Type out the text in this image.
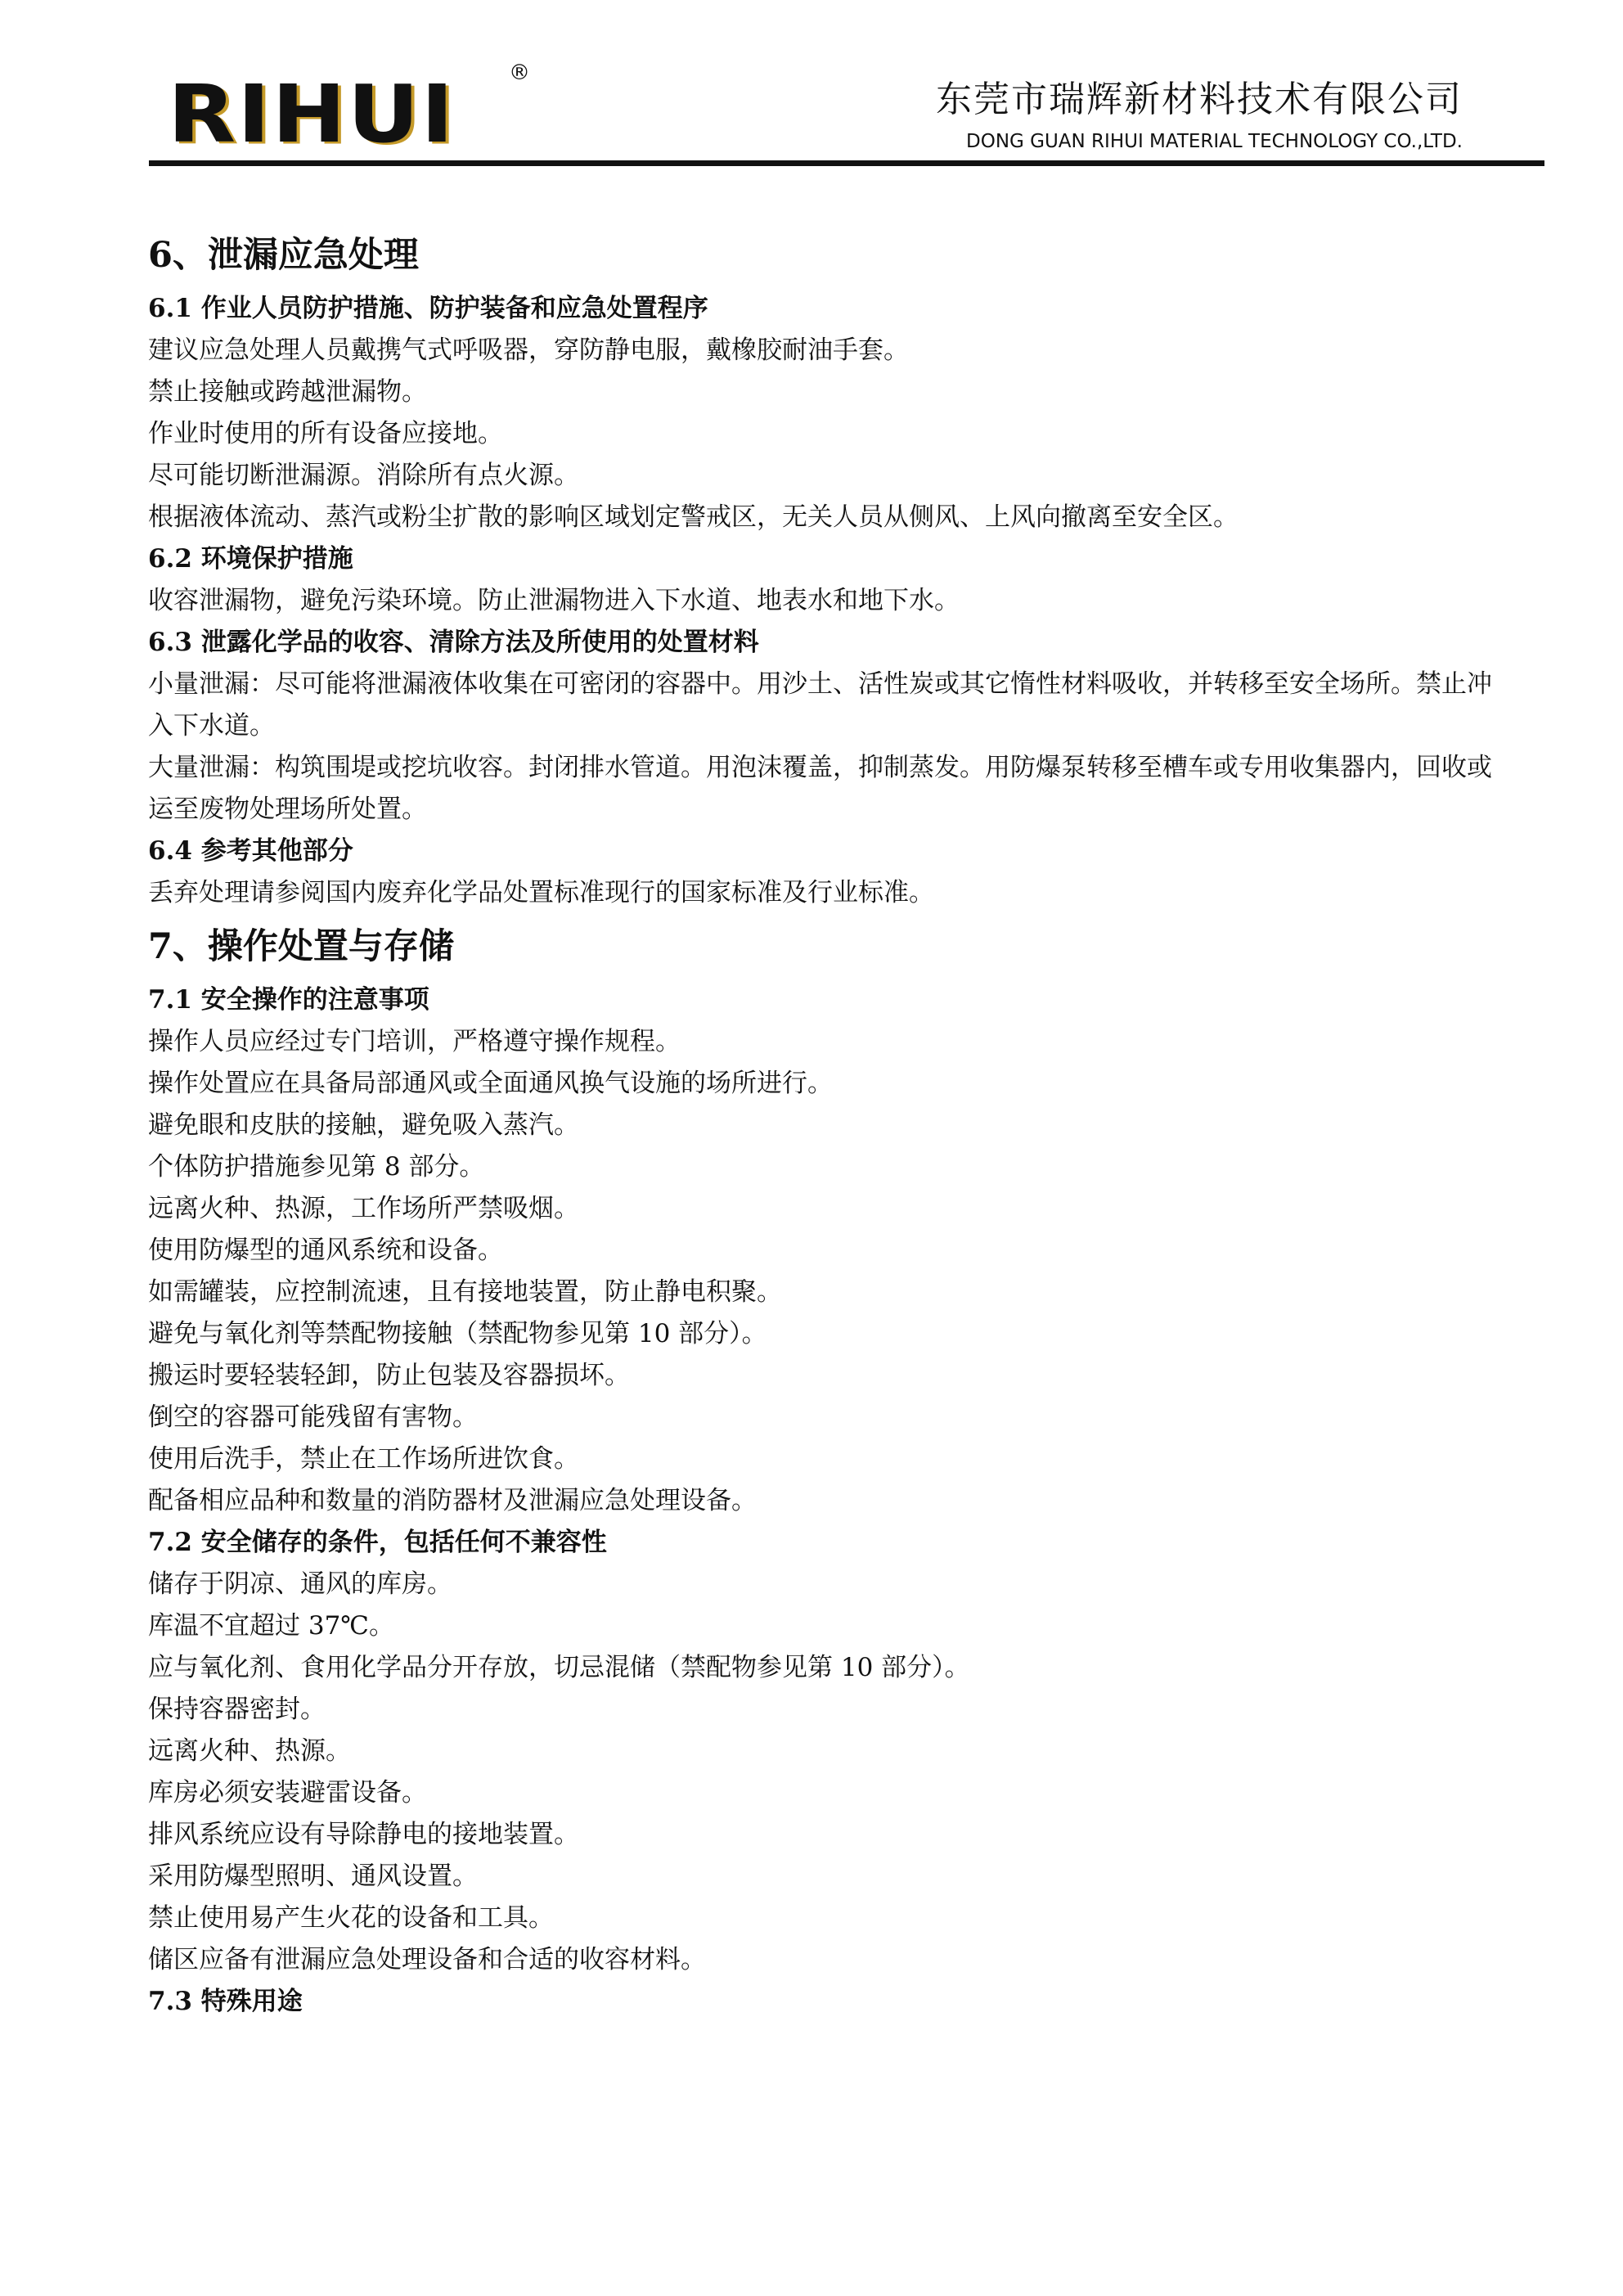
RIHUI	®
东莞市瑞辉新材料技术有限公司
DONG GUAN RIHUI MATERIAL TECHNOLOGY CO.,LTD.
6、泄漏应急处理
6.1 作业人员防护措施、防护装备和应急处置程序

建议应急处理人员戴携气式呼吸器，穿防静电服，戴橡胶耐油手套。

禁止接触或跨越泄漏物。

作业时使用的所有设备应接地。

尽可能切断泄漏源。消除所有点火源。

根据液体流动、蒸汽或粉尘扩散的影响区域划定警戒区，无关人员从侧风、上风向撤离至安全区。

6.2 环境保护措施

收容泄漏物，避免污染环境。防止泄漏物进入下水道、地表水和地下水。

6.3 泄露化学品的收容、清除方法及所使用的处置材料

小量泄漏：尽可能将泄漏液体收集在可密闭的容器中。用沙土、活性炭或其它惰性材料吸收，并转移至安全场所。禁止冲入下水道。

大量泄漏：构筑围堤或挖坑收容。封闭排水管道。用泡沫覆盖，抑制蒸发。用防爆泵转移至槽车或专用收集器内，回收或运至废物处理场所处置。

6.4 参考其他部分

丢弃处理请参阅国内废弃化学品处置标准现行的国家标准及行业标准。

7、操作处置与存储
7.1 安全操作的注意事项

操作人员应经过专门培训，严格遵守操作规程。

操作处置应在具备局部通风或全面通风换气设施的场所进行。

避免眼和皮肤的接触，避免吸入蒸汽。

个体防护措施参见第 8 部分。

远离火种、热源，工作场所严禁吸烟。

使用防爆型的通风系统和设备。

如需罐装，应控制流速，且有接地装置，防止静电积聚。

避免与氧化剂等禁配物接触（禁配物参见第 10 部分）。

搬运时要轻装轻卸，防止包装及容器损坏。

倒空的容器可能残留有害物。

使用后洗手，禁止在工作场所进饮食。

配备相应品种和数量的消防器材及泄漏应急处理设备。

7.2 安全储存的条件，包括任何不兼容性

储存于阴凉、通风的库房。

库温不宜超过 37℃。

应与氧化剂、食用化学品分开存放，切忌混储（禁配物参见第 10 部分）。

保持容器密封。

远离火种、热源。

库房必须安装避雷设备。

排风系统应设有导除静电的接地装置。

采用防爆型照明、通风设置。

禁止使用易产生火花的设备和工具。

储区应备有泄漏应急处理设备和合适的收容材料。

7.3 特殊用途
